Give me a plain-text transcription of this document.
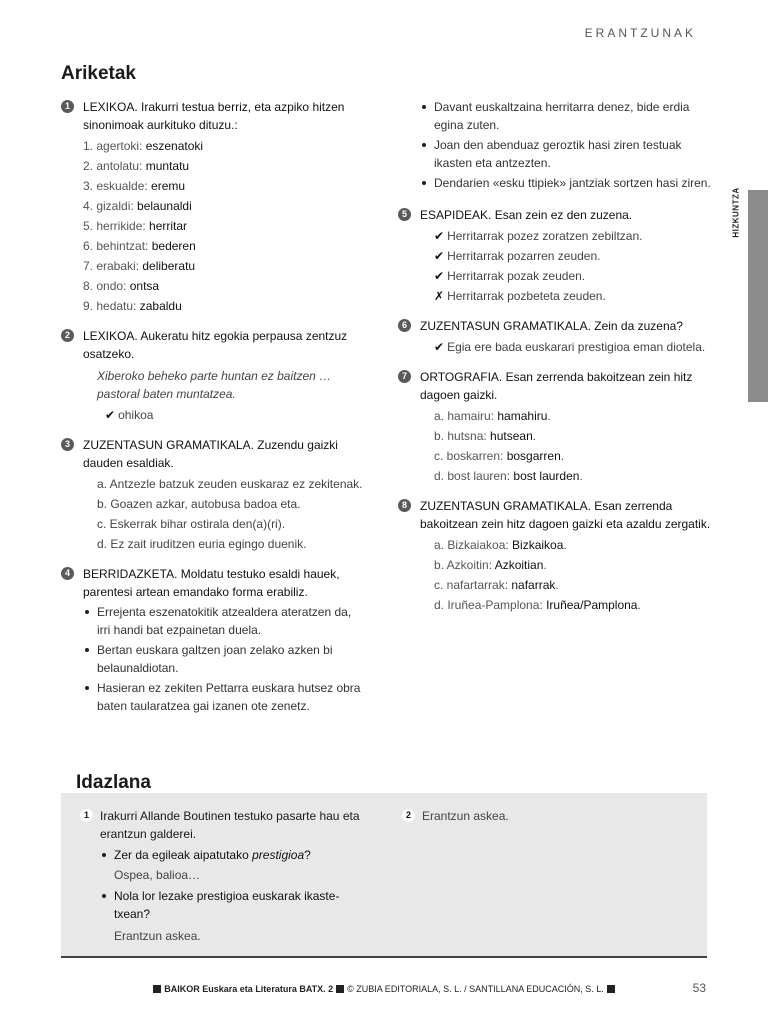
ERANTZUNAK
HIZKUNTZA
Ariketak
1	LEXIKOA. Irakurri testua berriz, eta azpiko hitzen sinonimoak aurkituko dituzu.:
1. agertoki: eszenatoki
2. antolatu: muntatu
3. eskualde: eremu
4. gizaldi: belaunaldi
5. herrikide: herritar
6. behintzat: bederen
7. erabaki: deliberatu
8. ondo: ontsa
9. hedatu: zabaldu
2	LEXIKOA. Aukeratu hitz egokia perpausa zentzuz osatzeko.
Xiberoko beheko parte huntan ez baitzen …
pastoral baten muntatzea.
✔ ohikoa
3	ZUZENTASUN GRAMATIKALA. Zuzendu gaizki dauden esaldiak.
a. Antzezle batzuk zeuden euskaraz ez zekitenak.
b. Goazen azkar, autobusa badoa eta.
c. Eskerrak bihar ostirala den(a)(ri).
d. Ez zait iruditzen euria egingo duenik.
4	BERRIDAZKETA. Moldatu testuko esaldi hauek, parentesi artean emandako forma erabiliz.
Errejenta eszenatokitik atzealdera ateratzen da, irri handi bat ezpainetan duela.
Bertan euskara galtzen joan zelako azken bi belaunaldiotan.
Hasieran ez zekiten Pettarra euskara hutsez obra baten taularatzea gai izanen ote zenetz.
Davant euskaltzaina herritarra denez, bide erdia egina zuten.
Joan den abenduaz geroztik hasi ziren testuak ikasten eta antzezten.
Dendarien «esku ttipiek» jantziak sortzen hasi ziren.
5	ESAPIDEAK. Esan zein ez den zuzena.
✔ Herritarrak pozez zoratzen zebiltzan.
✔ Herritarrak pozarren zeuden.
✔ Herritarrak pozak zeuden.
✗ Herritarrak pozbeteta zeuden.
6	ZUZENTASUN GRAMATIKALA. Zein da zuzena?
✔ Egia ere bada euskarari prestigioa eman diotela.
7	ORTOGRAFIA. Esan zerrenda bakoitzean zein hitz dagoen gaizki.
a. hamairu: hamahiru.
b. hutsna: hutsean.
c. boskarren: bosgarren.
d. bost lauren: bost laurden.
8	ZUZENTASUN GRAMATIKALA. Esan zerrenda bakoitzean zein hitz dagoen gaizki eta azaldu zergatik.
a. Bizkaiakoa: Bizkaikoa.
b. Azkoitin: Azkoitian.
c. nafartarrak: nafarrak.
d. Iruñea-Pamplona: Iruñea/Pamplona.
Idazlana
1 Irakurri Allande Boutinen testuko pasarte hau eta erantzun galderei.
Zer da egileak aipatutako prestigioa?
Ospea, balioa…
Nola lor lezake prestigioa euskarak ikaste-txean?
Erantzun askea.
2 Erantzun askea.
BAIKOR Euskara eta Literatura BATX. 2 © ZUBIA EDITORIALA, S. L. / SANTILLANA EDUCACIÓN, S. L.	53
